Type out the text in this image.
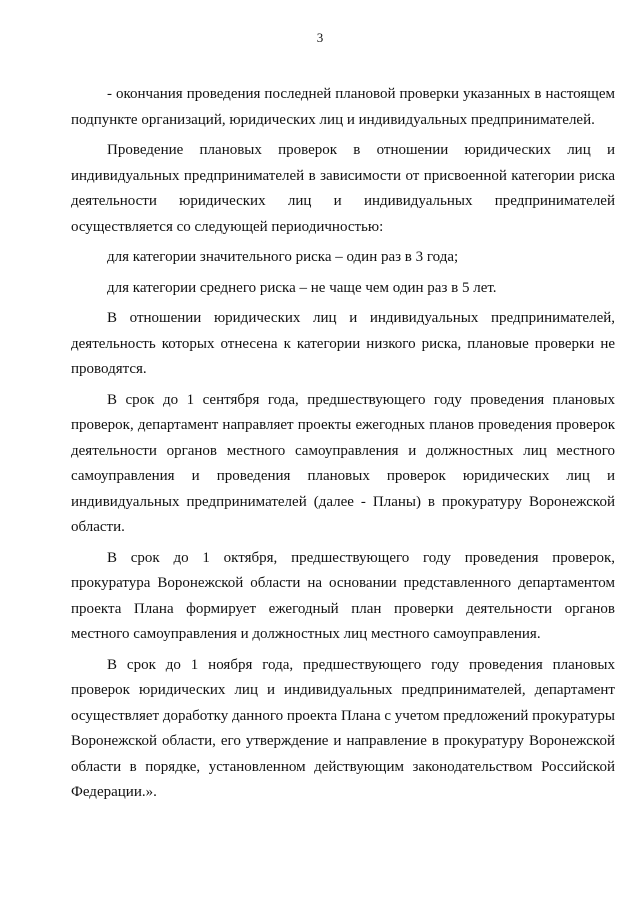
3

- окончания проведения последней плановой проверки указанных в настоящем подпункте организаций, юридических лиц и индивидуальных предпринимателей.

Проведение плановых проверок в отношении юридических лиц и индивидуальных предпринимателей в зависимости от присвоенной категории риска деятельности юридических лиц и индивидуальных предпринимателей осуществляется со следующей периодичностью:

для категории значительного риска – один раз в 3 года;

для категории среднего риска – не чаще чем один раз в 5 лет.

В отношении юридических лиц и индивидуальных предпринимателей, деятельность которых отнесена к категории низкого риска, плановые проверки не проводятся.

В срок до 1 сентября года, предшествующего году проведения плановых проверок, департамент направляет проекты ежегодных планов проведения проверок деятельности органов местного самоуправления и должностных лиц местного самоуправления и проведения плановых проверок юридических лиц и индивидуальных предпринимателей (далее - Планы) в прокуратуру Воронежской области.

В срок до 1 октября, предшествующего году проведения проверок, прокуратура Воронежской области на основании представленного департаментом проекта Плана формирует ежегодный план проверки деятельности органов местного самоуправления и должностных лиц местного самоуправления.

В срок до 1 ноября года, предшествующего году проведения плановых проверок юридических лиц и индивидуальных предпринимателей, департамент осуществляет доработку данного проекта Плана с учетом предложений прокуратуры Воронежской области, его утверждение и направление в прокуратуру Воронежской области в порядке, установленном действующим законодательством Российской Федерации.».
